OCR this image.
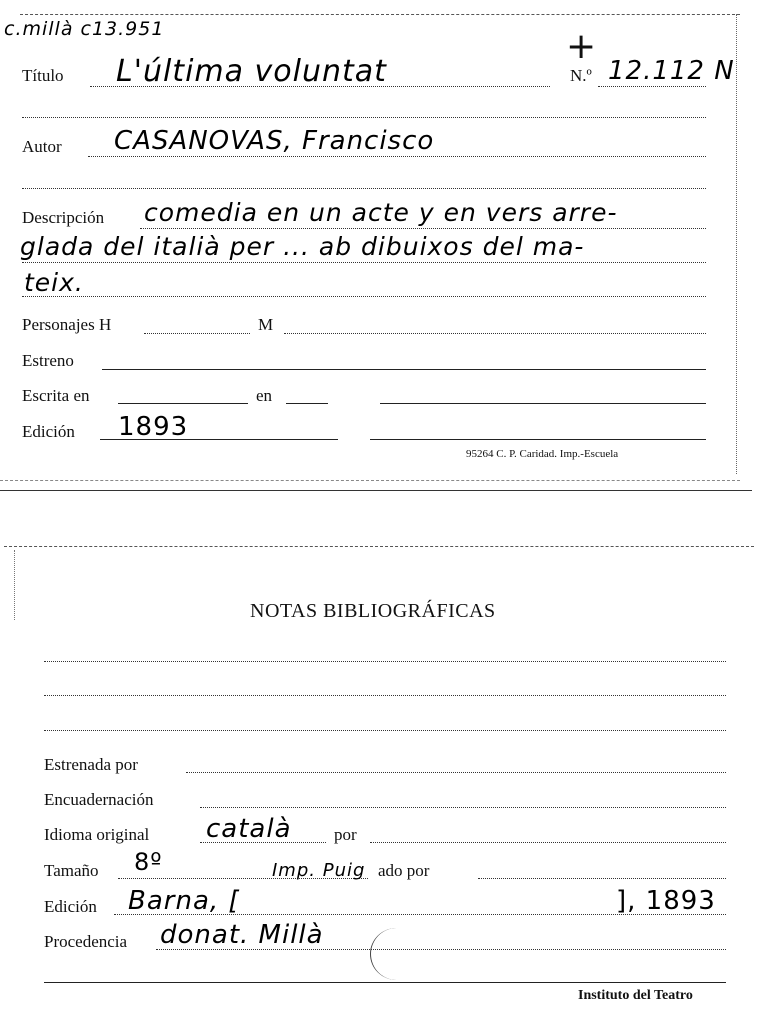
c.millà c13.951	+
Título L'última voluntat	N.º 12.112 N
Autor CASANOVAS, Francisco
Descripción comedia en un acte y en vers arre-
glada del italià per ... ab dibuixos del ma-
teix.
Personajes H	M
Estreno
Escrita en	en
Edición 1893
95264 C. P. Caridad. Imp.-Escuela
NOTAS BIBLIOGRÁFICAS
Estrenada por
Encuadernación
Idioma original català por
Tamaño 8º	Imp. Puig ado por
Edición Barna, [	], 1893
Procedencia donat. Millà
Instituto del Teatro
